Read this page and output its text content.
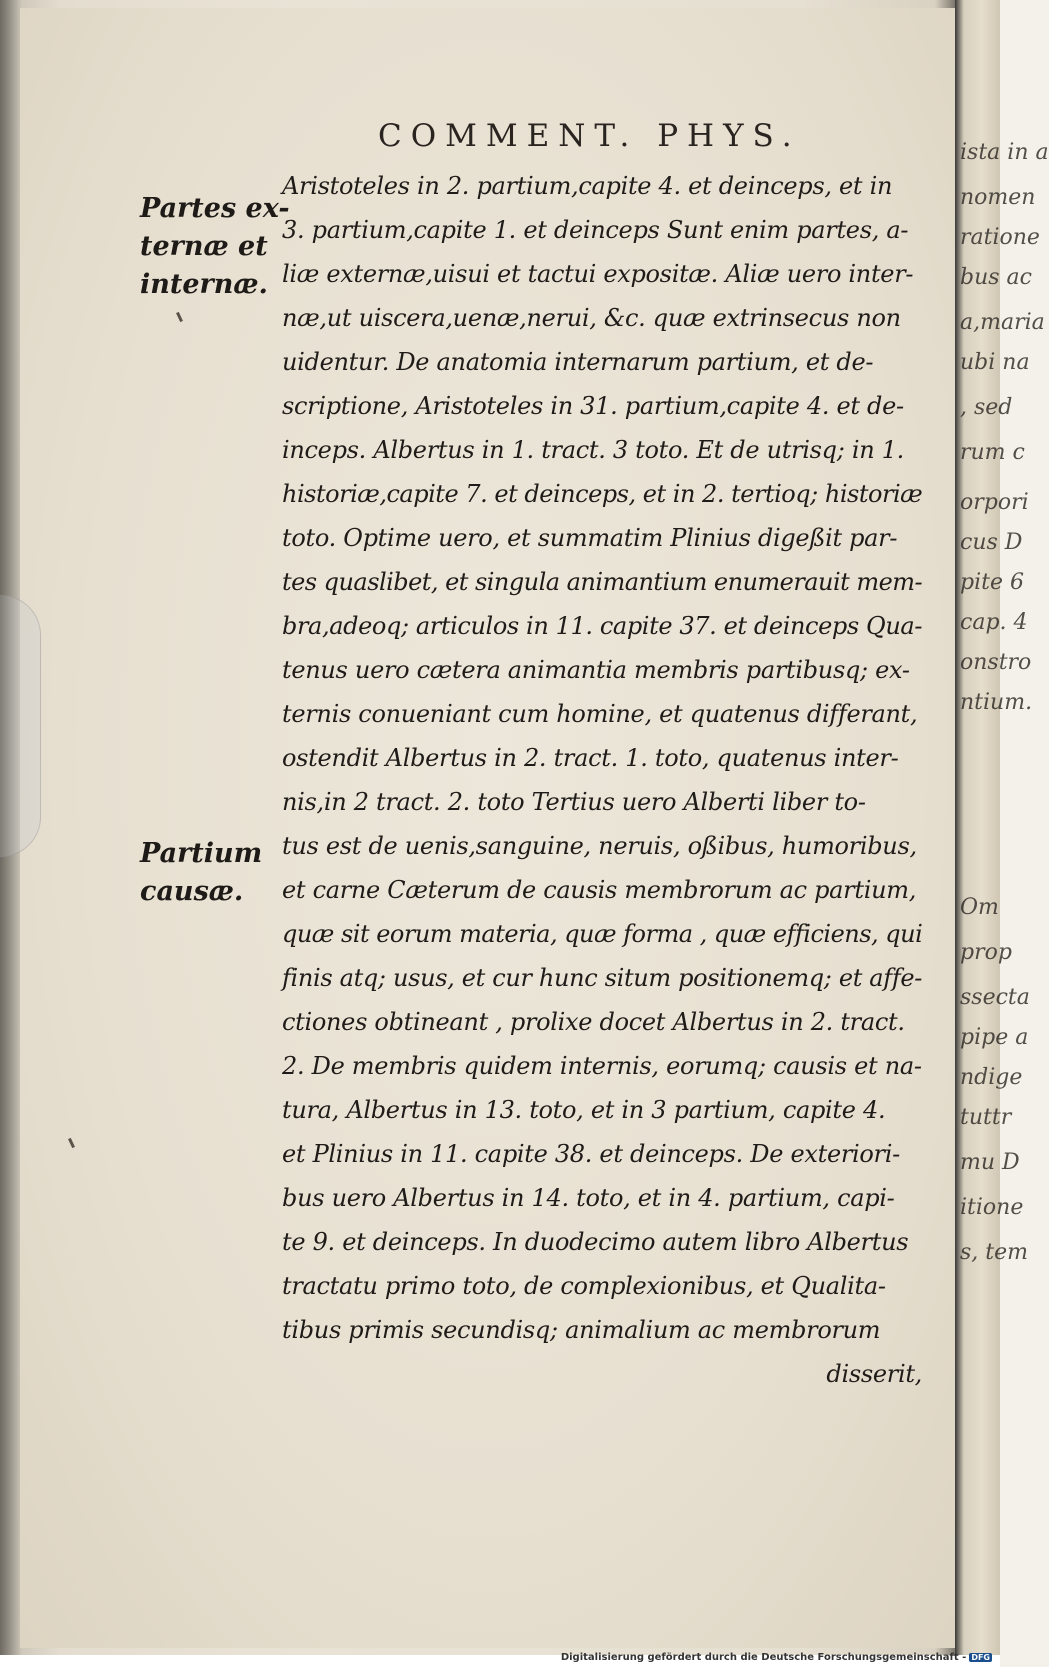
ista in a
nomen
ratione
bus ac
a,maria
ubi na
, sed
rum c
orpori
cus D
pite 6
cap. 4
onstro
ntium.
Om
prop
ssecta
pipe a
ndige
tuttr
mu D
itione
s, tem
COMMENT. PHYS.
Partes ex-
ternæ et
internæ.
Partium
causæ.
Aristoteles in 2. partium,capite 4. et deinceps, et in
3. partium,capite 1. et deinceps Sunt enim partes, a-
liæ externæ,uisui et tactui expositæ. Aliæ uero inter-
næ,ut uiscera,uenæ,nerui, &c. quæ extrinsecus non
uidentur. De anatomia internarum partium, et de-
scriptione, Aristoteles in 31. partium,capite 4. et de-
inceps. Albertus in 1. tract. 3 toto. Et de utrisq; in 1.
historiæ,capite 7. et deinceps, et in 2. tertioq; historiæ
toto. Optime uero, et summatim Plinius digeßit par-
tes quaslibet, et singula animantium enumerauit mem-
bra,adeoq; articulos in 11. capite 37. et deinceps Qua-
tenus uero cætera animantia membris partibusq; ex-
ternis conueniant cum homine, et quatenus differant,
ostendit Albertus in 2. tract. 1. toto, quatenus inter-
nis,in 2 tract. 2. toto Tertius uero Alberti liber to-
tus est de uenis,sanguine, neruis, oßibus, humoribus,
et carne Cæterum de causis membrorum ac partium,
quæ sit eorum materia, quæ forma , quæ efficiens, qui
finis atq; usus, et cur hunc situm positionemq; et affe-
ctiones obtineant , prolixe docet Albertus in 2. tract.
2. De membris quidem internis, eorumq; causis et na-
tura, Albertus in 13. toto, et in 3 partium, capite 4.
et Plinius in 11. capite 38. et deinceps. De exteriori-
bus uero Albertus in 14. toto, et in 4. partium, capi-
te 9. et deinceps. In duodecimo autem libro Albertus
tractatu primo toto, de complexionibus, et Qualita-
tibus primis secundisq; animalium ac membrorum
disserit,
Digitalisierung gefördert durch die Deutsche Forschungsgemeinschaft - DFG
